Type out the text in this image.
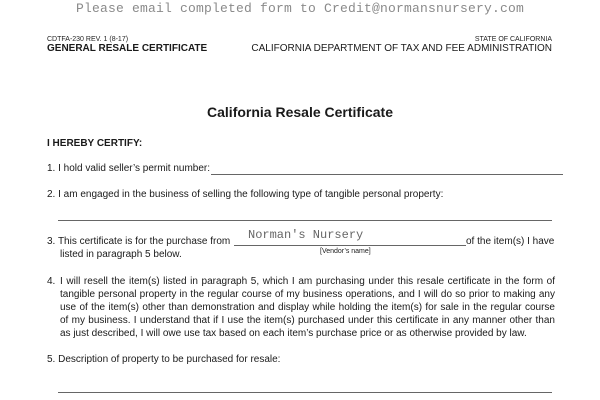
Please email completed form to Credit@normansnursery.com
CDTFA-230 REV. 1 (8-17)
GENERAL RESALE CERTIFICATE
STATE OF CALIFORNIA
CALIFORNIA DEPARTMENT OF TAX AND FEE ADMINISTRATION
California Resale Certificate
I HEREBY CERTIFY:
1. I hold valid seller’s permit number:
2. I am engaged in the business of selling the following type of tangible personal property:
3. This certificate is for the purchase from Norman's Nursery
[Vendor’s name]
of the item(s) I have
listed in paragraph 5 below.
4. I will resell the item(s) listed in paragraph 5, which I am purchasing under this resale certificate in the form of tangible personal property in the regular course of my business operations, and I will do so prior to making any use of the item(s) other than demonstration and display while holding the item(s) for sale in the regular course of my business. I understand that if I use the item(s) purchased under this certificate in any manner other than as just described, I will owe use tax based on each item’s purchase price or as otherwise provided by law.
5. Description of property to be purchased for resale:
